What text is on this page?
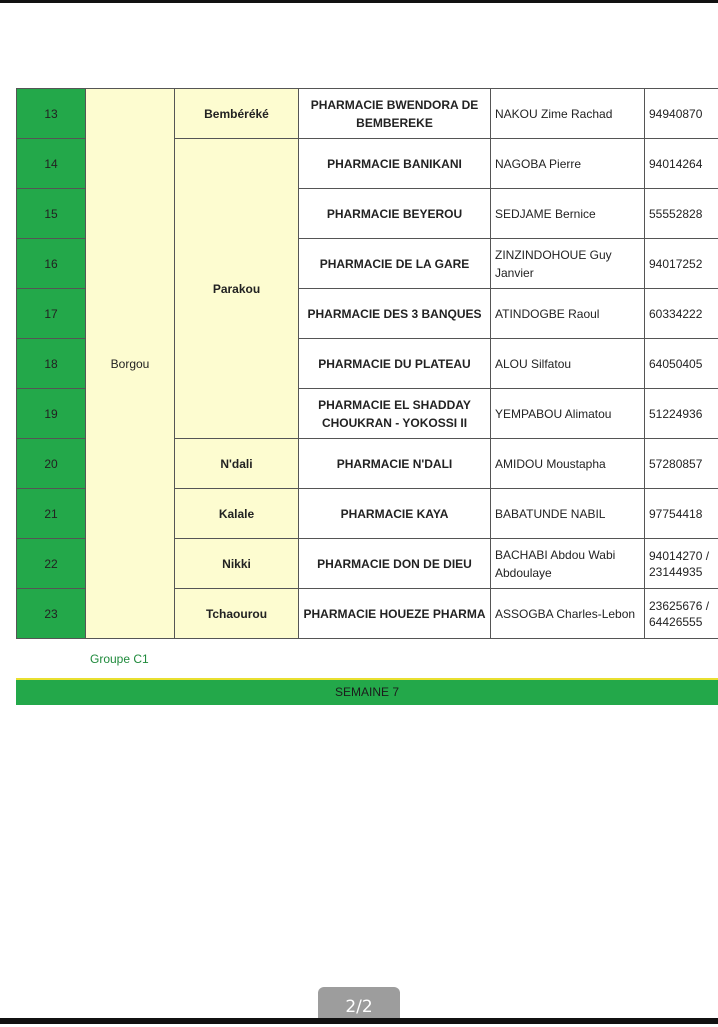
13	Borgou	Bembéréké	PHARMACIE BWENDORA DE BEMBEREKE	NAKOU Zime Rachad	94940870
14		Parakou	PHARMACIE BANIKANI	NAGOBA Pierre	94014264
15			PHARMACIE BEYEROU	SEDJAME Bernice	55552828
16			PHARMACIE DE LA GARE	ZINZINDOHOUE Guy Janvier	94017252
17			PHARMACIE DES 3 BANQUES	ATINDOGBE Raoul	60334222
18			PHARMACIE DU PLATEAU	ALOU Silfatou	64050405
19			PHARMACIE EL SHADDAY CHOUKRAN - YOKOSSI II	YEMPABOU Alimatou	51224936
20		N'dali	PHARMACIE N'DALI	AMIDOU Moustapha	57280857
21		Kalale	PHARMACIE KAYA	BABATUNDE NABIL	97754418
22		Nikki	PHARMACIE DON DE DIEU	BACHABI Abdou Wabi Abdoulaye	94014270 / 23144935
23		Tchaourou	PHARMACIE HOUEZE PHARMA	ASSOGBA Charles-Lebon	23625676 / 64426555
Groupe C1
SEMAINE 7
2/2
